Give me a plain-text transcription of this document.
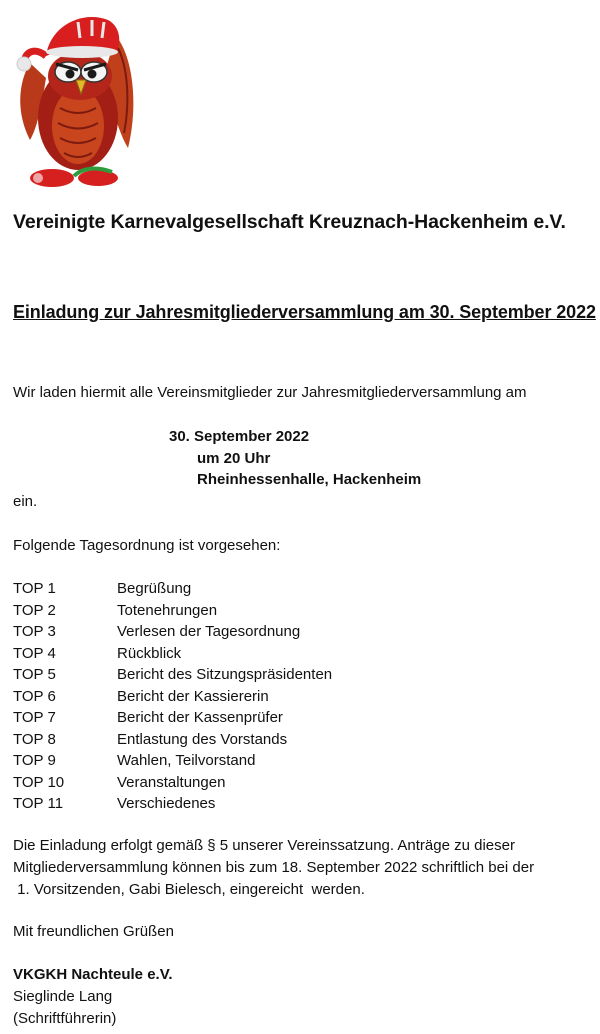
Vereinigte Karnevalgesellschaft Kreuznach-Hackenheim e.V.
Einladung zur Jahresmitgliederversammlung am 30. September 2022
Wir laden hiermit alle Vereinsmitglieder zur Jahresmitgliederversammlung am
30. September 2022
um 20 Uhr
Rheinhessenhalle, Hackenheim
ein.
Folgende Tagesordnung ist vorgesehen:
TOP 1	Begrüßung
TOP 2	Totenehrungen
TOP 3	Verlesen der Tagesordnung
TOP 4	Rückblick
TOP 5	Bericht des Sitzungspräsidenten
TOP 6	Bericht der Kassiererin
TOP 7	Bericht der Kassenprüfer
TOP 8	Entlastung des Vorstands
TOP 9	Wahlen, Teilvorstand
TOP 10	Veranstaltungen
TOP 11	Verschiedenes
Die Einladung erfolgt gemäß § 5 unserer Vereinssatzung. Anträge zu dieser
Mitgliederversammlung können bis zum 18. September 2022 schriftlich bei der
1. Vorsitzenden, Gabi Bielesch, eingereicht  werden.
Mit freundlichen Grüßen
VKGKH Nachteule e.V.
Sieglinde Lang
(Schriftführerin)
